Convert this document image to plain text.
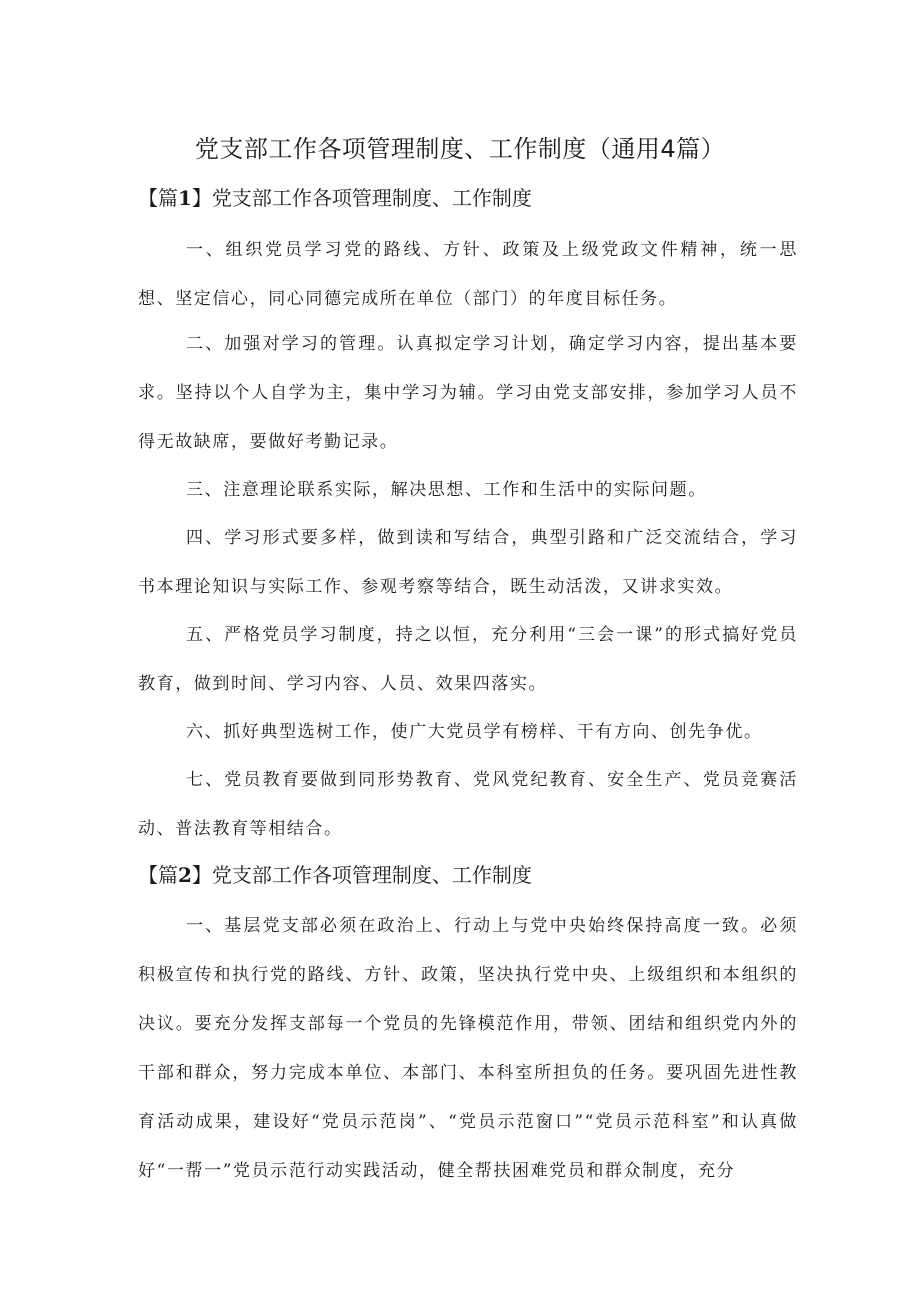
党支部工作各项管理制度、工作制度（通用4篇）
【篇1】党支部工作各项管理制度、工作制度

一、组织党员学习党的路线、方针、政策及上级党政文件精神，统一思想、坚定信心，同心同德完成所在单位（部门）的年度目标任务。

二、加强对学习的管理。认真拟定学习计划，确定学习内容，提出基本要求。坚持以个人自学为主，集中学习为辅。学习由党支部安排，参加学习人员不得无故缺席，要做好考勤记录。

三、注意理论联系实际，解决思想、工作和生活中的实际问题。

四、学习形式要多样，做到读和写结合，典型引路和广泛交流结合，学习书本理论知识与实际工作、参观考察等结合，既生动活泼，又讲求实效。

五、严格党员学习制度，持之以恒，充分利用“三会一课”的形式搞好党员教育，做到时间、学习内容、人员、效果四落实。

六、抓好典型选树工作，使广大党员学有榜样、干有方向、创先争优。

七、党员教育要做到同形势教育、党风党纪教育、安全生产、党员竞赛活动、普法教育等相结合。

【篇2】党支部工作各项管理制度、工作制度

一、基层党支部必须在政治上、行动上与党中央始终保持高度一致。必须积极宣传和执行党的路线、方针、政策，坚决执行党中央、上级组织和本组织的决议。要充分发挥支部每一个党员的先锋模范作用，带领、团结和组织党内外的干部和群众，努力完成本单位、本部门、本科室所担负的任务。要巩固先进性教育活动成果，建设好“党员示范岗”、“党员示范窗口”“党员示范科室”和认真做好“一帮一”党员示范行动实践活动，健全帮扶困难党员和群众制度，充分
